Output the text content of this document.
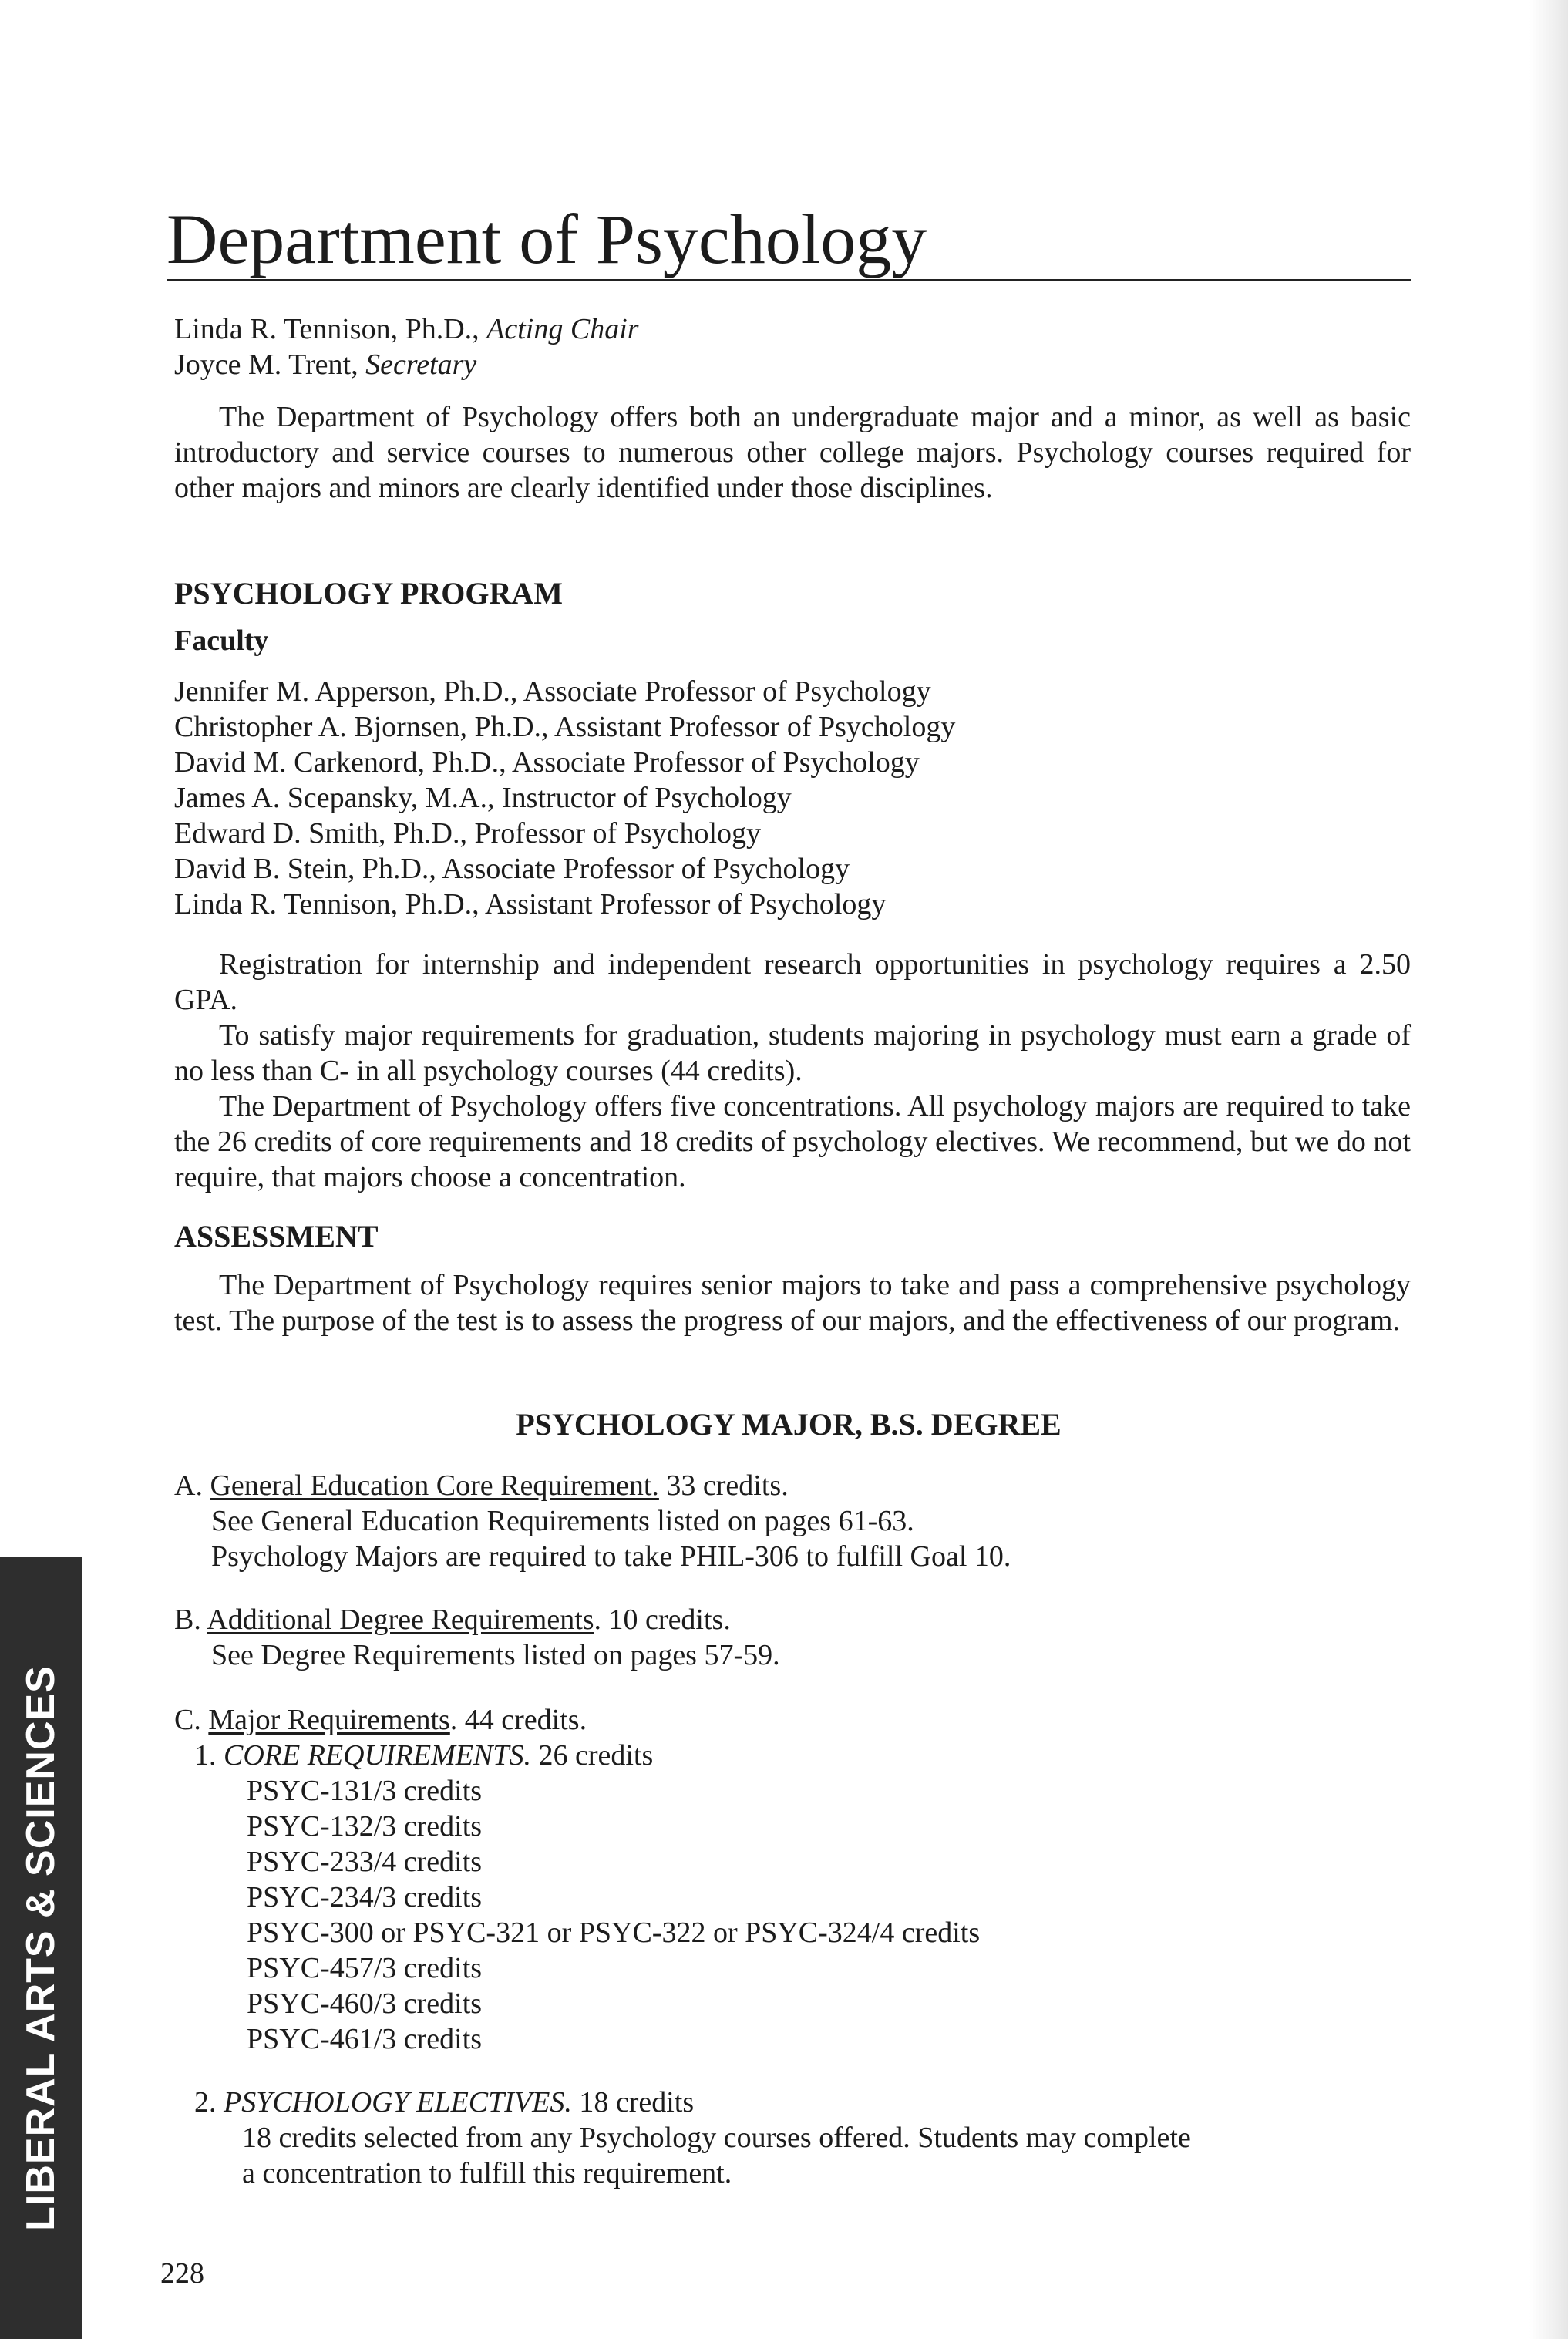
Department of Psychology

Linda R. Tennison, Ph.D., Acting Chair

Joyce M. Trent, Secretary

The Department of Psychology offers both an undergraduate major and a minor, as well as basic introductory and service courses to numerous other college majors. Psychology courses required for other majors and minors are clearly identified under those disciplines.

PSYCHOLOGY PROGRAM
Faculty

Jennifer M. Apperson, Ph.D., Associate Professor of Psychology

Christopher A. Bjornsen, Ph.D., Assistant Professor of Psychology

David M. Carkenord, Ph.D., Associate Professor of Psychology

James A. Scepansky, M.A., Instructor of Psychology

Edward D. Smith, Ph.D., Professor of Psychology

David B. Stein, Ph.D., Associate Professor of Psychology

Linda R. Tennison, Ph.D., Assistant Professor of Psychology

Registration for internship and independent research opportunities in psychology requires a 2.50 GPA.

To satisfy major requirements for graduation, students majoring in psychology must earn a grade of no less than C- in all psychology courses (44 credits).

The Department of Psychology offers five concentrations. All psychology majors are required to take the 26 credits of core requirements and 18 credits of psychology electives. We recommend, but we do not require, that majors choose a concentration.

ASSESSMENT

The Department of Psychology requires senior majors to take and pass a comprehensive psychology test. The purpose of the test is to assess the progress of our majors, and the effectiveness of our program.

PSYCHOLOGY MAJOR, B.S. DEGREE

A. General Education Core Requirement. 33 credits.

See General Education Requirements listed on pages 61-63.

Psychology Majors are required to take PHIL-306 to fulfill Goal 10.

B. Additional Degree Requirements. 10 credits.

See Degree Requirements listed on pages 57-59.

C. Major Requirements. 44 credits.

1. CORE REQUIREMENTS. 26 credits

PSYC-131/3 credits

PSYC-132/3 credits

PSYC-233/4 credits

PSYC-234/3 credits

PSYC-300 or PSYC-321 or PSYC-322 or PSYC-324/4 credits

PSYC-457/3 credits

PSYC-460/3 credits

PSYC-461/3 credits

2. PSYCHOLOGY ELECTIVES. 18 credits

18 credits selected from any Psychology courses offered. Students may complete

a concentration to fulfill this requirement.

228

LIBERAL ARTS & SCIENCES
